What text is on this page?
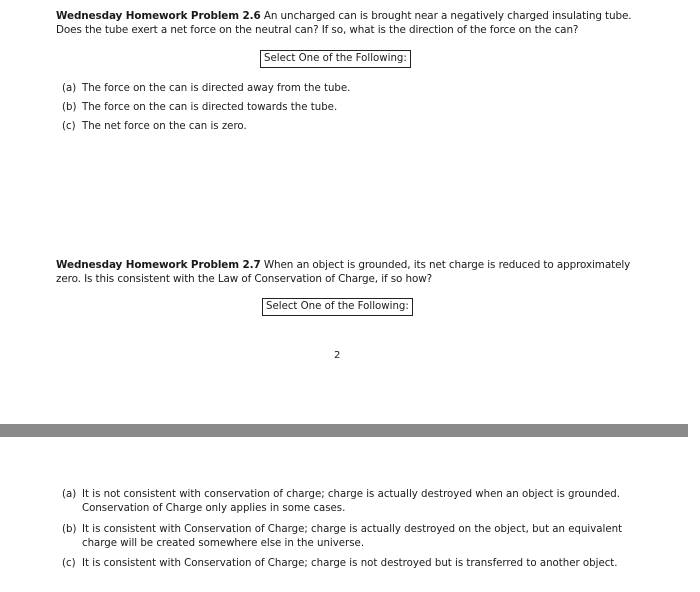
Wednesday Homework Problem 2.6 An uncharged can is brought near a negatively charged insulating tube. Does the tube exert a net force on the neutral can? If so, what is the direction of the force on the can?
Select One of the Following:
(a) The force on the can is directed away from the tube.
(b) The force on the can is directed towards the tube.
(c) The net force on the can is zero.
Wednesday Homework Problem 2.7 When an object is grounded, its net charge is reduced to approximately zero. Is this consistent with the Law of Conservation of Charge, if so how?
Select One of the Following:
2
(a) It is not consistent with conservation of charge; charge is actually destroyed when an object is grounded. Conservation of Charge only applies in some cases.
(b) It is consistent with Conservation of Charge; charge is actually destroyed on the object, but an equivalent charge will be created somewhere else in the universe.
(c) It is consistent with Conservation of Charge; charge is not destroyed but is transferred to another object.
